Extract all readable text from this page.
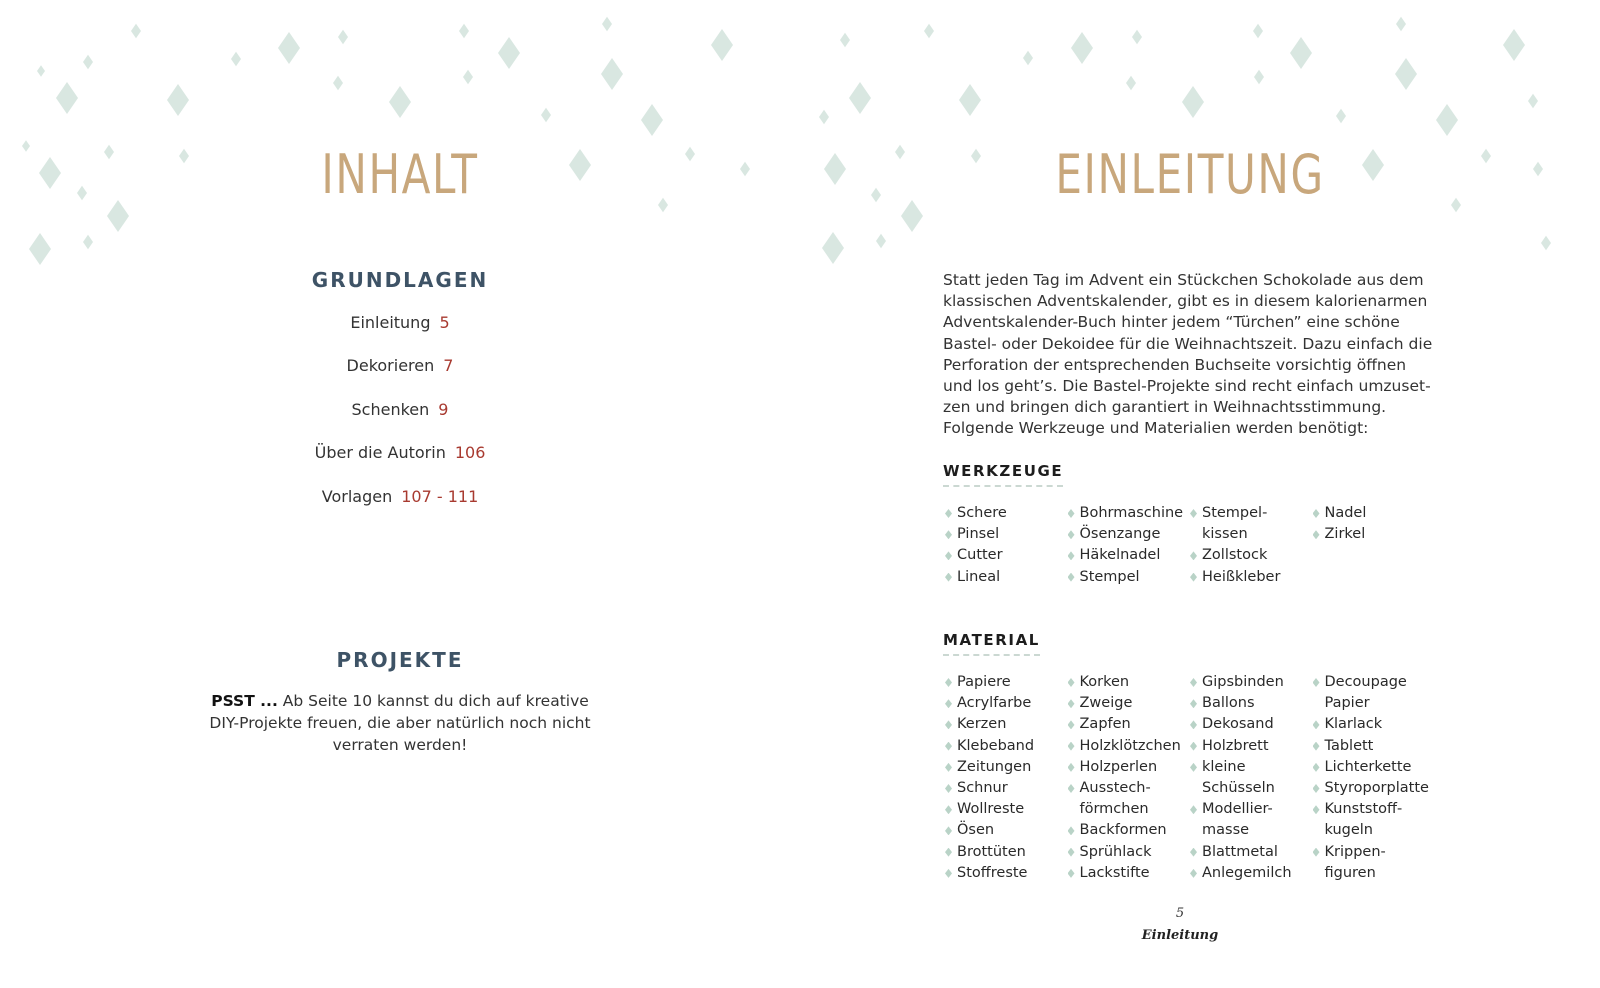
INHALT
GRUNDLAGEN
Einleitung 5
Dekorieren 7
Schenken 9
Über die Autorin 106
Vorlagen 107 - 111
PROJEKTE

PSST ... Ab Seite 10 kannst du dich auf kreative DIY-Projekte freuen, die aber natürlich noch nicht verraten werden!

EINLEITUNG

Statt jeden Tag im Advent ein Stückchen Schokolade aus dem klassischen Adventskalender, gibt es in diesem kalorienarmen Adventskalender-Buch hinter jedem “Türchen” eine schöne Bastel- oder Dekoidee für die Weihnachtszeit. Dazu einfach die Perforation der entsprechenden Buchseite vorsichtig öffnen und los geht’s. Die Bastel-Projekte sind recht einfach umzuset-zen und bringen dich garantiert in Weihnachtsstimmung. Folgende Werkzeuge und Materialien werden benötigt:

WERKZEUGE
Schere
Pinsel
Cutter
Lineal
Bohrmaschine
Ösenzange
Häkelnadel
Stempel
Stempel-
kissen
Zollstock
Heißkleber
Nadel
Zirkel
MATERIAL
Papiere
Acrylfarbe
Kerzen
Klebeband
Zeitungen
Schnur
Wollreste
Ösen
Brottüten
Stoffreste
Korken
Zweige
Zapfen
Holzklötzchen
Holzperlen
Ausstech-
förmchen
Backformen
Sprühlack
Lackstifte
Gipsbinden
Ballons
Dekosand
Holzbrett
kleine
Schüsseln
Modellier-
masse
Blattmetal
Anlegemilch
Decoupage
Papier
Klarlack
Tablett
Lichterkette
Styroporplatte
Kunststoff-
kugeln
Krippen-
figuren
5
Einleitung
